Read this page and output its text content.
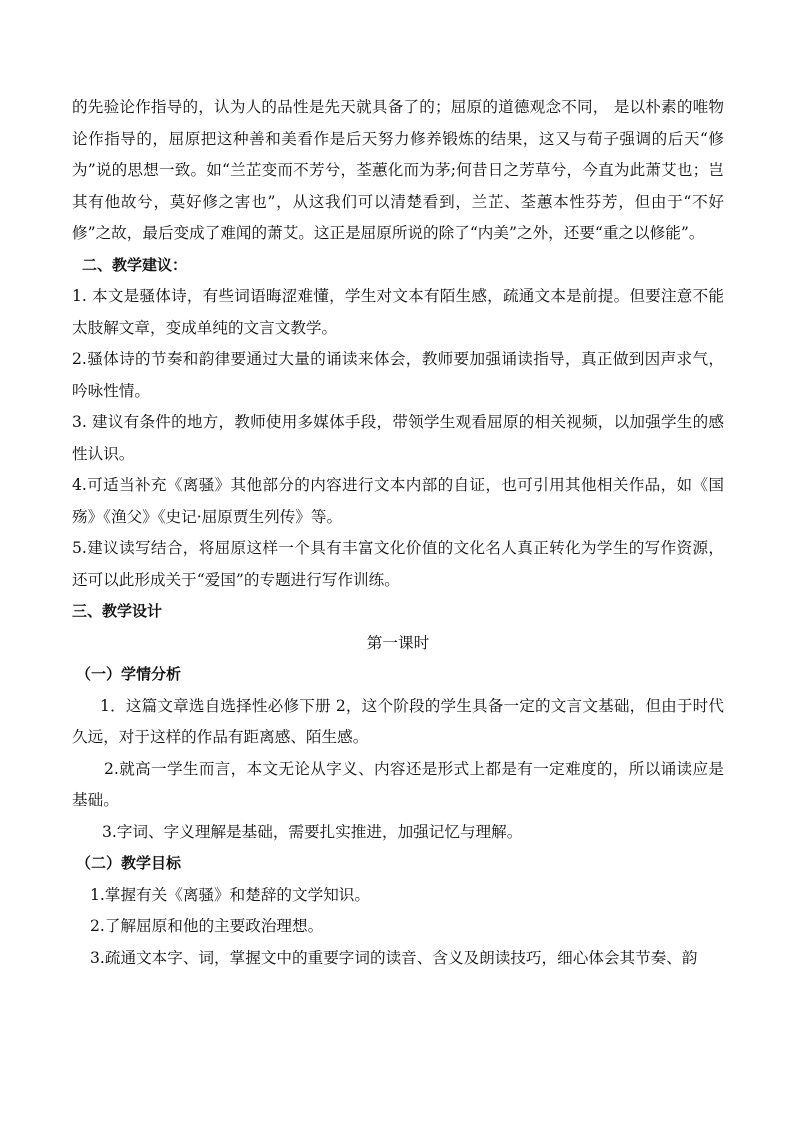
的先验论作指导的，认为人的品性是先天就具备了的；屈原的道德观念不同， 是以朴素的唯物论作指导的，屈原把这种善和美看作是后天努力修养锻炼的结果，这又与荀子强调的后天“修为”说的思想一致。如“兰芷变而不芳兮，荃蕙化而为茅;何昔日之芳草兮，今直为此萧艾也；岂其有他故兮，莫好修之害也”，从这我们可以清楚看到，兰芷、荃蕙本性芬芳，但由于“不好修”之故，最后变成了难闻的萧艾。这正是屈原所说的除了“内美”之外，还要“重之以修能”。

二、教学建议：

1. 本文是骚体诗，有些词语晦涩难懂，学生对文本有陌生感，疏通文本是前提。但要注意不能太肢解文章，变成单纯的文言文教学。

2.骚体诗的节奏和韵律要通过大量的诵读来体会，教师要加强诵读指导，真正做到因声求气，吟咏性情。

3. 建议有条件的地方，教师使用多媒体手段，带领学生观看屈原的相关视频，以加强学生的感性认识。

4.可适当补充《离骚》其他部分的内容进行文本内部的自证，也可引用其他相关作品，如《国殇》《渔父》《史记·屈原贾生列传》等。

5.建议读写结合，将屈原这样一个具有丰富文化价值的文化名人真正转化为学生的写作资源，还可以此形成关于“爱国”的专题进行写作训练。

三、教学设计

第一课时

（一）学情分析

1．这篇文章选自选择性必修下册 2，这个阶段的学生具备一定的文言文基础，但由于时代久远，对于这样的作品有距离感、陌生感。

2.就高一学生而言，本文无论从字义、内容还是形式上都是有一定难度的，所以诵读应是基础。

3.字词、字义理解是基础，需要扎实推进，加强记忆与理解。

（二）教学目标

1.掌握有关《离骚》和楚辞的文学知识。

2.了解屈原和他的主要政治理想。

3.疏通文本字、词，掌握文中的重要字词的读音、含义及朗读技巧，细心体会其节奏、韵
